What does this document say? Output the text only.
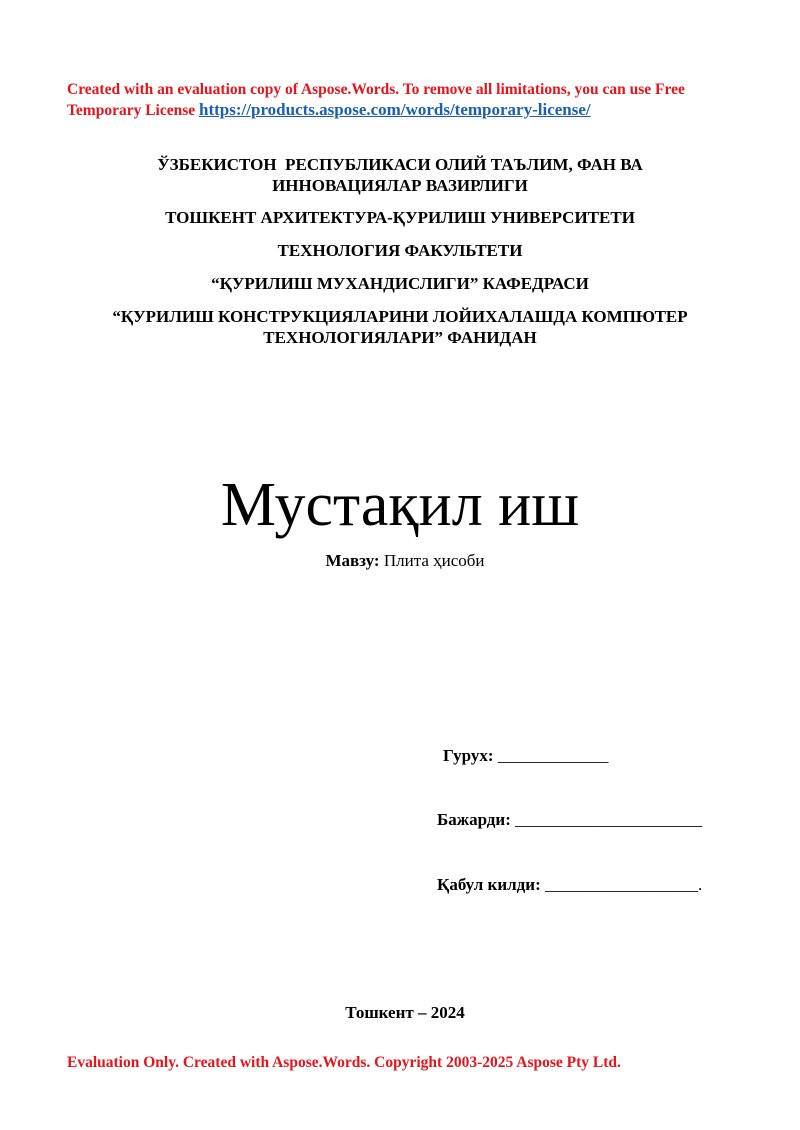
Created with an evaluation copy of Aspose.Words. To remove all limitations, you can use Free Temporary License https://products.aspose.com/words/temporary-license/
ЎЗБЕКИСТОН  РЕСПУБЛИКАСИ ОЛИЙ ТАЪЛИМ, ФАН ВА
ИННОВАЦИЯЛАР ВАЗИРЛИГИ
ТОШКЕНТ АРХИТЕКТУРА-ҚУРИЛИШ УНИВЕРСИТЕТИ
ТЕХНОЛОГИЯ ФАКУЛЬТЕТИ
“ҚУРИЛИШ МУХАНДИСЛИГИ” КАФЕДРАСИ
“ҚУРИЛИШ КОНСТРУКЦИЯЛАРИНИ ЛОЙИХАЛАШДА КОМПЮТЕР
ТЕХНОЛОГИЯЛАРИ” ФАНИДАН
Мустақил иш
Мавзу: Плита ҳисоби
Гурух: _____________
Бажарди: ______________________
Қабул килди: __________________.
Тошкент – 2024
Evaluation Only. Created with Aspose.Words. Copyright 2003-2025 Aspose Pty Ltd.
